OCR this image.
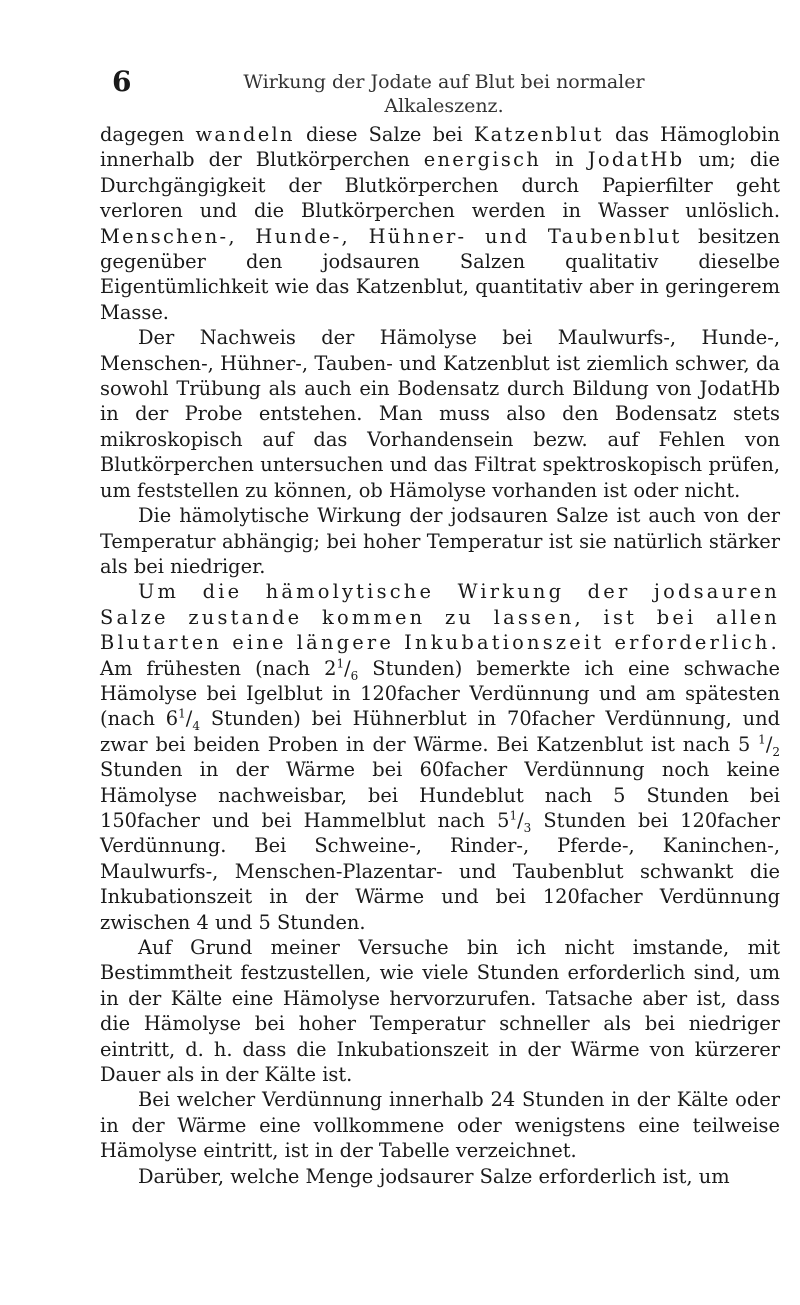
6	Wirkung der Jodate auf Blut bei normaler Alkaleszenz.

dagegen wandeln diese Salze bei Katzenblut das Hämoglobin innerhalb der Blutkörperchen energisch in JodatHb um; die Durchgängigkeit der Blutkörperchen durch Papierfilter geht verloren und die Blutkörperchen werden in Wasser unlöslich. Menschen-, Hunde-, Hühner- und Taubenblut besitzen gegenüber den jodsauren Salzen qualitativ dieselbe Eigentümlichkeit wie das Katzenblut, quantitativ aber in geringerem Masse.

Der Nachweis der Hämolyse bei Maulwurfs-, Hunde-, Menschen-, Hühner-, Tauben- und Katzenblut ist ziemlich schwer, da sowohl Trübung als auch ein Bodensatz durch Bildung von JodatHb in der Probe entstehen. Man muss also den Bodensatz stets mikroskopisch auf das Vorhandensein bezw. auf Fehlen von Blutkörperchen untersuchen und das Filtrat spektroskopisch prüfen, um feststellen zu können, ob Hämolyse vorhanden ist oder nicht.

Die hämolytische Wirkung der jodsauren Salze ist auch von der Temperatur abhängig; bei hoher Temperatur ist sie natürlich stärker als bei niedriger.

Um die hämolytische Wirkung der jodsauren Salze zustande kommen zu lassen, ist bei allen Blutarten eine längere Inkubationszeit erforderlich. Am frühesten (nach $2^1/_6$ Stunden) bemerkte ich eine schwache Hämolyse bei Igelblut in 120facher Verdünnung und am spätesten (nach $6^1/_4$ Stunden) bei Hühnerblut in 70facher Verdünnung, und zwar bei beiden Proben in der Wärme. Bei Katzenblut ist nach 5 $^1/_2$ Stunden in der Wärme bei 60facher Verdünnung noch keine Hämolyse nachweisbar, bei Hundeblut nach 5 Stunden bei 150facher und bei Hammelblut nach $5^1/_3$ Stunden bei 120facher Verdünnung. Bei Schweine-, Rinder-, Pferde-, Kaninchen-, Maulwurfs-, Menschen-Plazentar- und Taubenblut schwankt die Inkubationszeit in der Wärme und bei 120facher Verdünnung zwischen 4 und 5 Stunden.

Auf Grund meiner Versuche bin ich nicht imstande, mit Bestimmtheit festzustellen, wie viele Stunden erforderlich sind, um in der Kälte eine Hämolyse hervorzurufen. Tatsache aber ist, dass die Hämolyse bei hoher Temperatur schneller als bei niedriger eintritt, d. h. dass die Inkubationszeit in der Wärme von kürzerer Dauer als in der Kälte ist.

Bei welcher Verdünnung innerhalb 24 Stunden in der Kälte oder in der Wärme eine vollkommene oder wenigstens eine teilweise Hämolyse eintritt, ist in der Tabelle verzeichnet.

Darüber, welche Menge jodsaurer Salze erforderlich ist, um
